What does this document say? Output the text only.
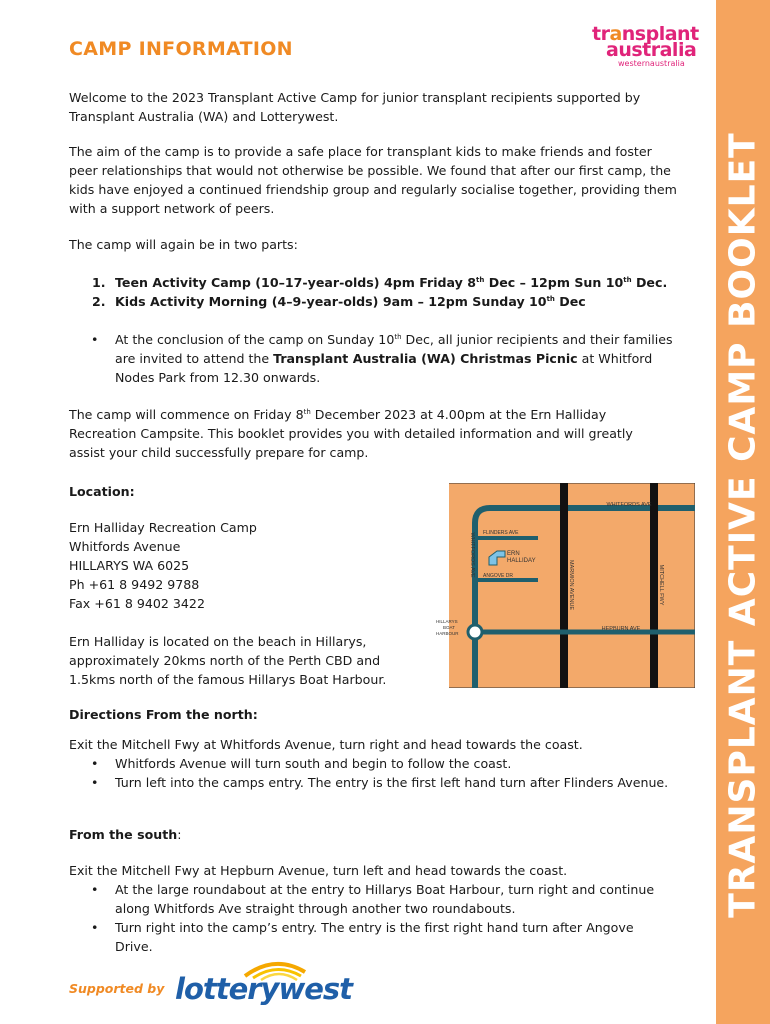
CAMP INFORMATION
transplant
australia
westernaustralia
TRANSPLANT ACTIVE CAMP BOOKLET

Welcome to the 2023 Transplant Active Camp for junior transplant recipients supported by Transplant Australia (WA) and Lotterywest.

The aim of the camp is to provide a safe place for transplant kids to make friends and foster peer relationships that would not otherwise be possible. We found that after our first camp, the kids have enjoyed a continued friendship group and regularly socialise together, providing them with a support network of peers.

The camp will again be in two parts:

1. Teen Activity Camp (10–17-year-olds) 4pm Friday 8th Dec – 12pm Sun 10th Dec.
2. Kids Activity Morning (4–9-year-olds) 9am – 12pm Sunday 10th Dec
• At the conclusion of the camp on Sunday 10th Dec, all junior recipients and their families are invited to attend the Transplant Australia (WA) Christmas Picnic at Whitford Nodes Park from 12.30 onwards.

The camp will commence on Friday 8th December 2023 at 4.00pm at the Ern Halliday Recreation Campsite. This booklet provides you with detailed information and will greatly assist your child successfully prepare for camp.

Location:

Ern Halliday Recreation Camp
Whitfords Avenue
HILLARYS WA 6025
Ph +61 8 9492 9788
Fax +61 8 9402 3422

Ern Halliday is located on the beach in Hillarys, approximately 20kms north of the Perth CBD and 1.5kms north of the famous Hillarys Boat Harbour.

WHITFORDS AVE
WHITFORDS AVE FLINDERS AVE
ERN
HALLIDAY
ANGOVE DR	MARMION AVENUE	MITCHELL FWY
HEPBURN AVE
HILLARYS
BOAT
HARBOUR

Directions From the north:

Exit the Mitchell Fwy at Whitfords Avenue, turn right and head towards the coast.

• Whitfords Avenue will turn south and begin to follow the coast.
• Turn left into the camps entry. The entry is the first left hand turn after Flinders Avenue.

From the south:

Exit the Mitchell Fwy at Hepburn Avenue, turn left and head towards the coast.

• At the large roundabout at the entry to Hillarys Boat Harbour, turn right and continue along Whitfords Ave straight through another two roundabouts.
• Turn right into the camp’s entry. The entry is the first right hand turn after Angove Drive.
Supported by lotterywest
